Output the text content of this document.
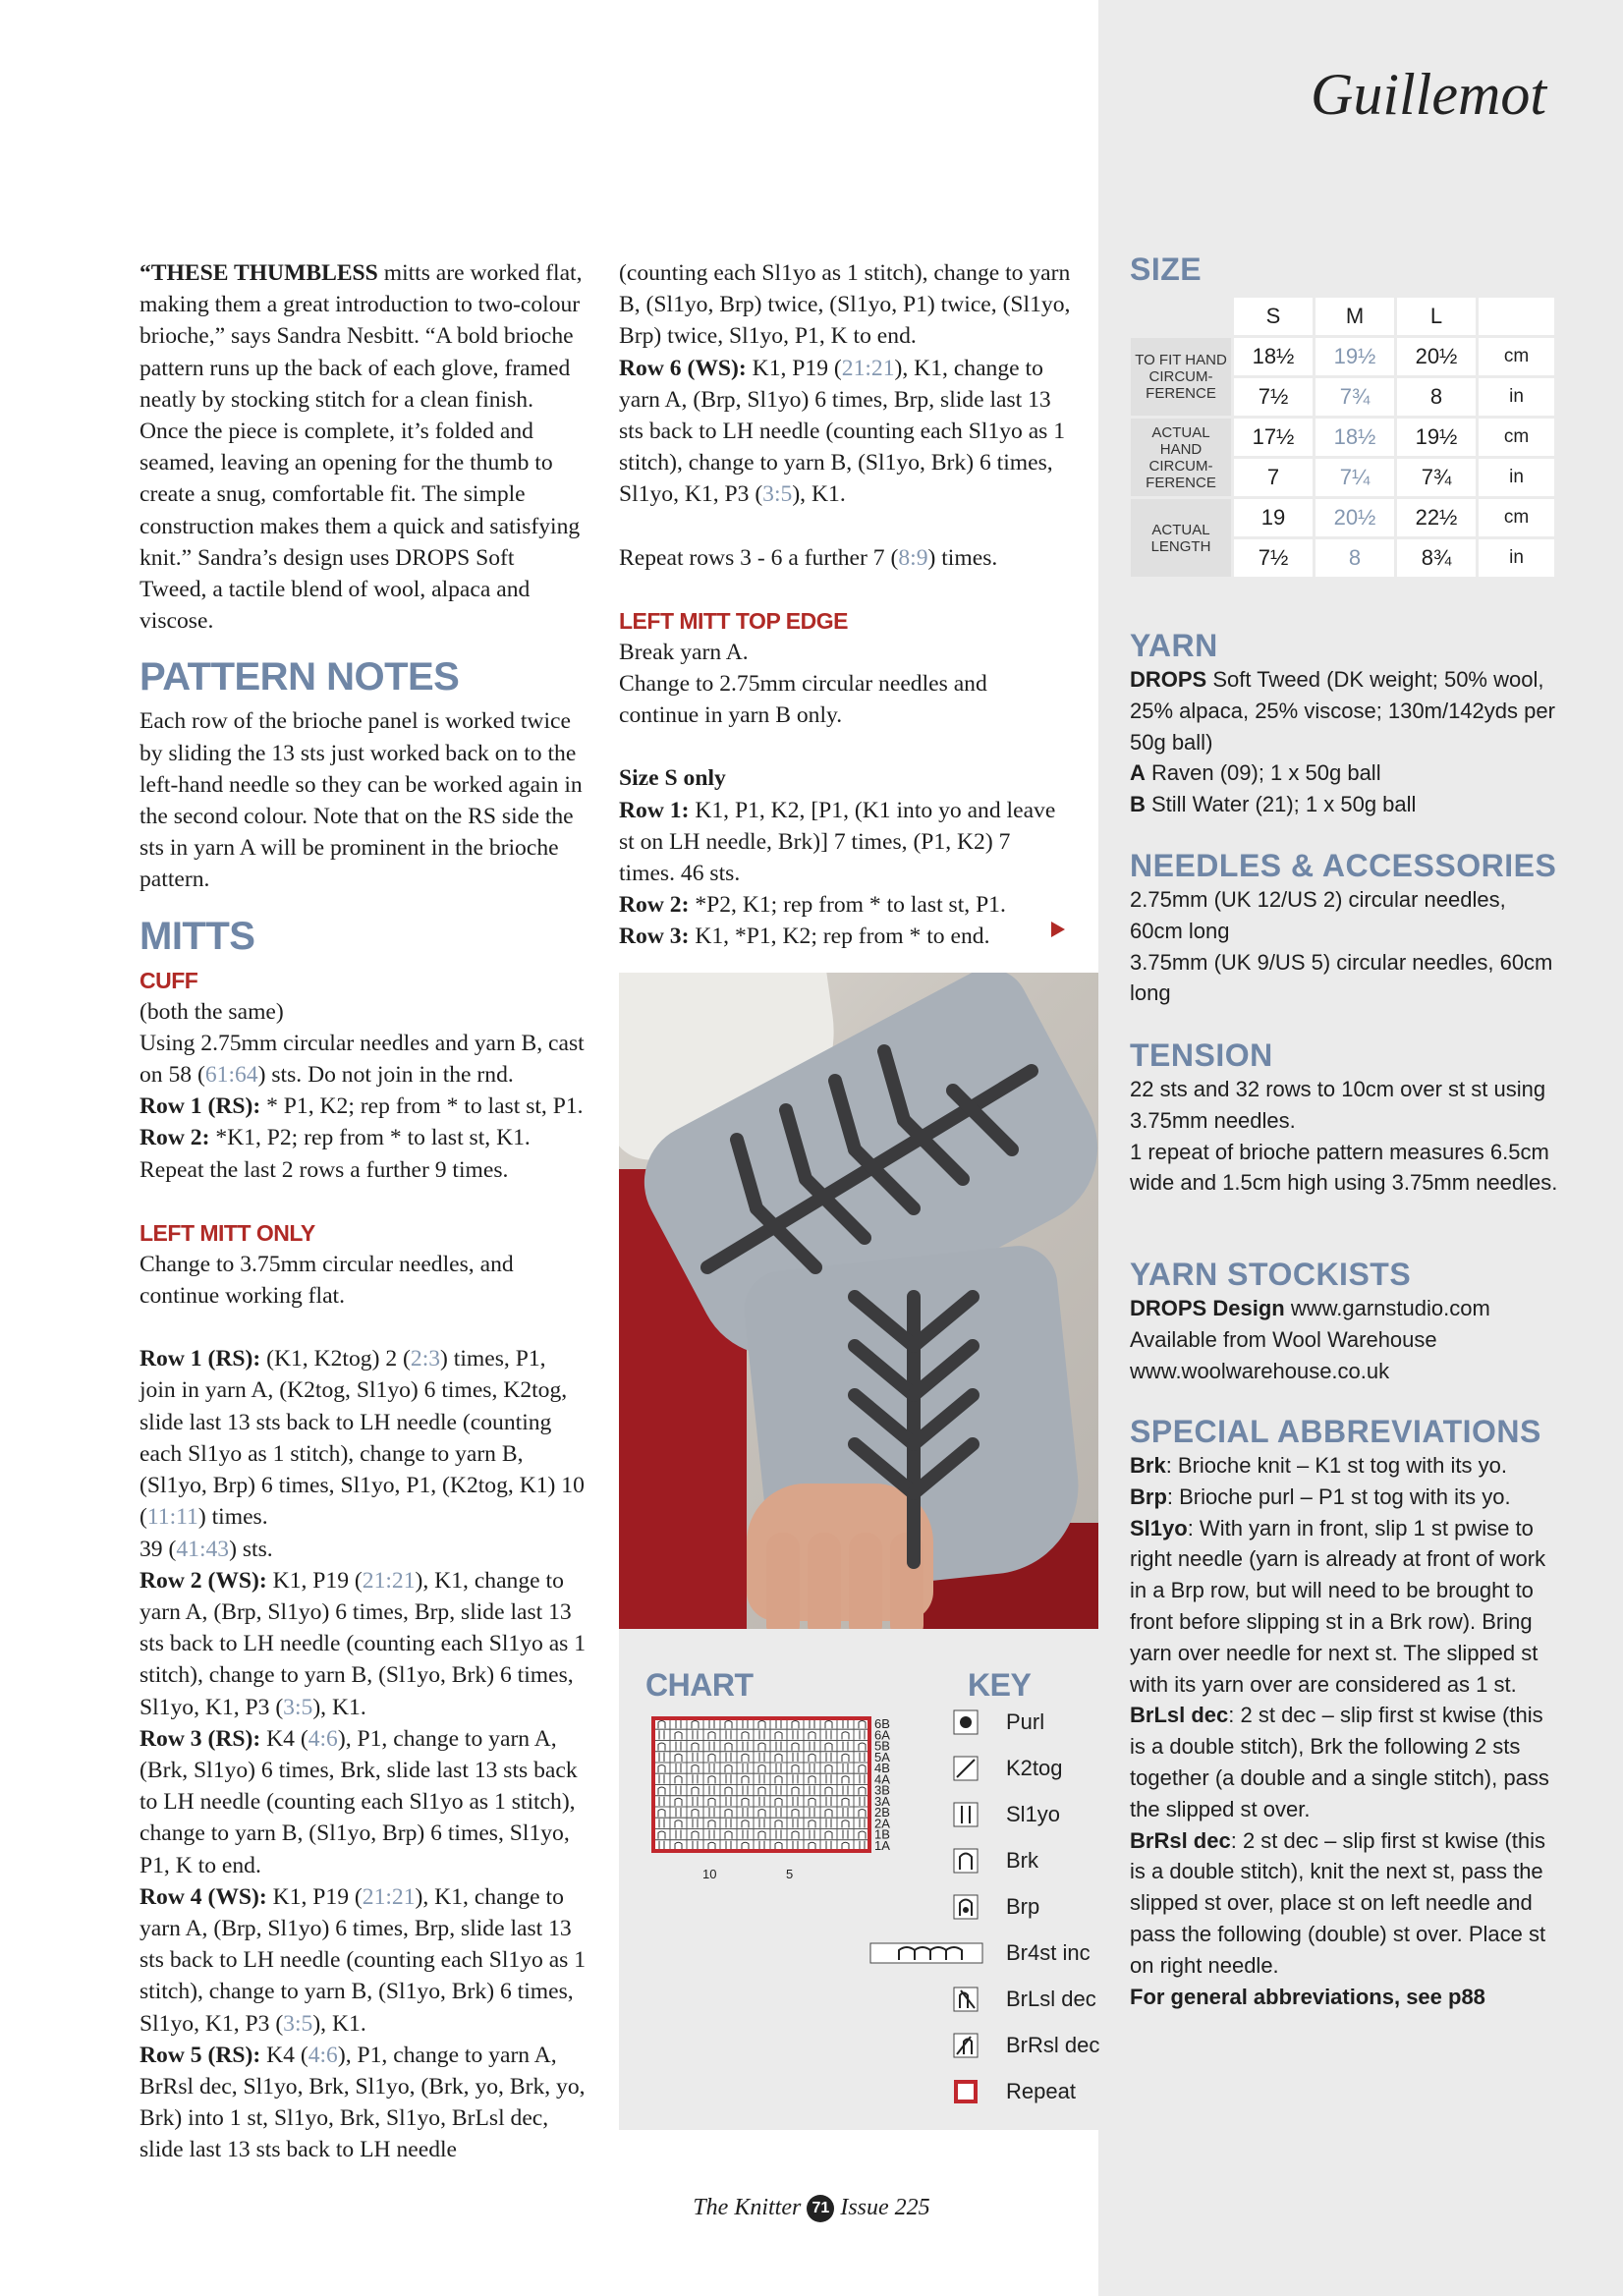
Guillemot

“THESE THUMBLESS mitts are worked flat, making them a great introduction to two-colour brioche,” says Sandra Nesbitt. “A bold brioche pattern runs up the back of each glove, framed neatly by stocking stitch for a clean finish. Once the piece is complete, it’s folded and seamed, leaving an opening for the thumb to create a snug, comfortable fit. The simple construction makes them a quick and satisfying knit.” Sandra’s design uses DROPS Soft Tweed, a tactile blend of wool, alpaca and viscose.

PATTERN NOTES

Each row of the brioche panel is worked twice by sliding the 13 sts just worked back on to the left-hand needle so they can be worked again in the second colour. Note that on the RS side the sts in yarn A will be prominent in the brioche pattern.

MITTS
CUFF

(both the same)

Using 2.75mm circular needles and yarn B, cast on 58 (61:64) sts. Do not join in the rnd.

Row 1 (RS): * P1, K2; rep from * to last st, P1.

Row 2: *K1, P2; rep from * to last st, K1.

Repeat the last 2 rows a further 9 times.

LEFT MITT ONLY

Change to 3.75mm circular needles, and continue working flat.

Row 1 (RS): (K1, K2tog) 2 (2:3) times, P1, join in yarn A, (K2tog, Sl1yo) 6 times, K2tog, slide last 13 sts back to LH needle (counting each Sl1yo as 1 stitch), change to yarn B, (Sl1yo, Brp) 6 times, Sl1yo, P1, (K2tog, K1) 10 (11:11) times.

39 (41:43) sts.

Row 2 (WS): K1, P19 (21:21), K1, change to yarn A, (Brp, Sl1yo) 6 times, Brp, slide last 13 sts back to LH needle (counting each Sl1yo as 1 stitch), change to yarn B, (Sl1yo, Brk) 6 times, Sl1yo, K1, P3 (3:5), K1.

Row 3 (RS): K4 (4:6), P1, change to yarn A, (Brk, Sl1yo) 6 times, Brk, slide last 13 sts back to LH needle (counting each Sl1yo as 1 stitch), change to yarn B, (Sl1yo, Brp) 6 times, Sl1yo, P1, K to end.

Row 4 (WS): K1, P19 (21:21), K1, change to yarn A, (Brp, Sl1yo) 6 times, Brp, slide last 13 sts back to LH needle (counting each Sl1yo as 1 stitch), change to yarn B, (Sl1yo, Brk) 6 times, Sl1yo, K1, P3 (3:5), K1.

Row 5 (RS): K4 (4:6), P1, change to yarn A, BrRsl dec, Sl1yo, Brk, Sl1yo, (Brk, yo, Brk, yo, Brk) into 1 st, Sl1yo, Brk, Sl1yo, BrLsl dec, slide last 13 sts back to LH needle

(counting each Sl1yo as 1 stitch), change to yarn B, (Sl1yo, Brp) twice, (Sl1yo, P1) twice, (Sl1yo, Brp) twice, Sl1yo, P1, K to end.

Row 6 (WS): K1, P19 (21:21), K1, change to yarn A, (Brp, Sl1yo) 6 times, Brp, slide last 13 sts back to LH needle (counting each Sl1yo as 1 stitch), change to yarn B, (Sl1yo, Brk) 6 times, Sl1yo, K1, P3 (3:5), K1.

Repeat rows 3 - 6 a further 7 (8:9) times.

LEFT MITT TOP EDGE

Break yarn A.

Change to 2.75mm circular needles and continue in yarn B only.

Size S only

Row 1: K1, P1, K2, [P1, (K1 into yo and leave st on LH needle, Brk)] 7 times, (P1, K2) 7 times. 46 sts.

Row 2: *P2, K1; rep from * to last st, P1.

Row 3: K1, *P1, K2; rep from * to end.

CHART	KEY
6B
6A
5B
5A
4B
4A
3B
3A
2B
2A
1B
1A
10	5
Purl
K2tog
Sl1yo
Brk
Brp
Br4st inc
BrLsl dec
BrRsl dec
Repeat
SIZE
	S	M	L	
TO FIT HAND CIRCUM-FERENCE	18½	19½	20½	cm
	7½	7¾	8	in
ACTUAL HAND CIRCUM-FERENCE	17½	18½	19½	cm
	7	7¼	7¾	in
ACTUAL LENGTH	19	20½	22½	cm
	7½	8	8¾	in
YARN

DROPS Soft Tweed (DK weight; 50% wool, 25% alpaca, 25% viscose; 130m/142yds per 50g ball)

A Raven (09); 1 x 50g ball

B Still Water (21); 1 x 50g ball

NEEDLES & ACCESSORIES

2.75mm (UK 12/US 2) circular needles, 60cm long

3.75mm (UK 9/US 5) circular needles, 60cm long

TENSION

22 sts and 32 rows to 10cm over st st using 3.75mm needles.

1 repeat of brioche pattern measures 6.5cm wide and 1.5cm high using 3.75mm needles.

YARN STOCKISTS

DROPS Design www.garnstudio.com

Available from Wool Warehouse

www.woolwarehouse.co.uk

SPECIAL ABBREVIATIONS

Brk: Brioche knit – K1 st tog with its yo.

Brp: Brioche purl – P1 st tog with its yo.

Sl1yo: With yarn in front, slip 1 st pwise to right needle (yarn is already at front of work in a Brp row, but will need to be brought to front before slipping st in a Brk row). Bring yarn over needle for next st. The slipped st with its yarn over are considered as 1 st.

BrLsl dec: 2 st dec – slip first st kwise (this is a double stitch), Brk the following 2 sts together (a double and a single stitch), pass the slipped st over.

BrRsl dec: 2 st dec – slip first st kwise (this is a double stitch), knit the next st, pass the slipped st over, place st on left needle and pass the following (double) st over. Place st on right needle.

For general abbreviations, see p88

The Knitter 71 Issue 225
